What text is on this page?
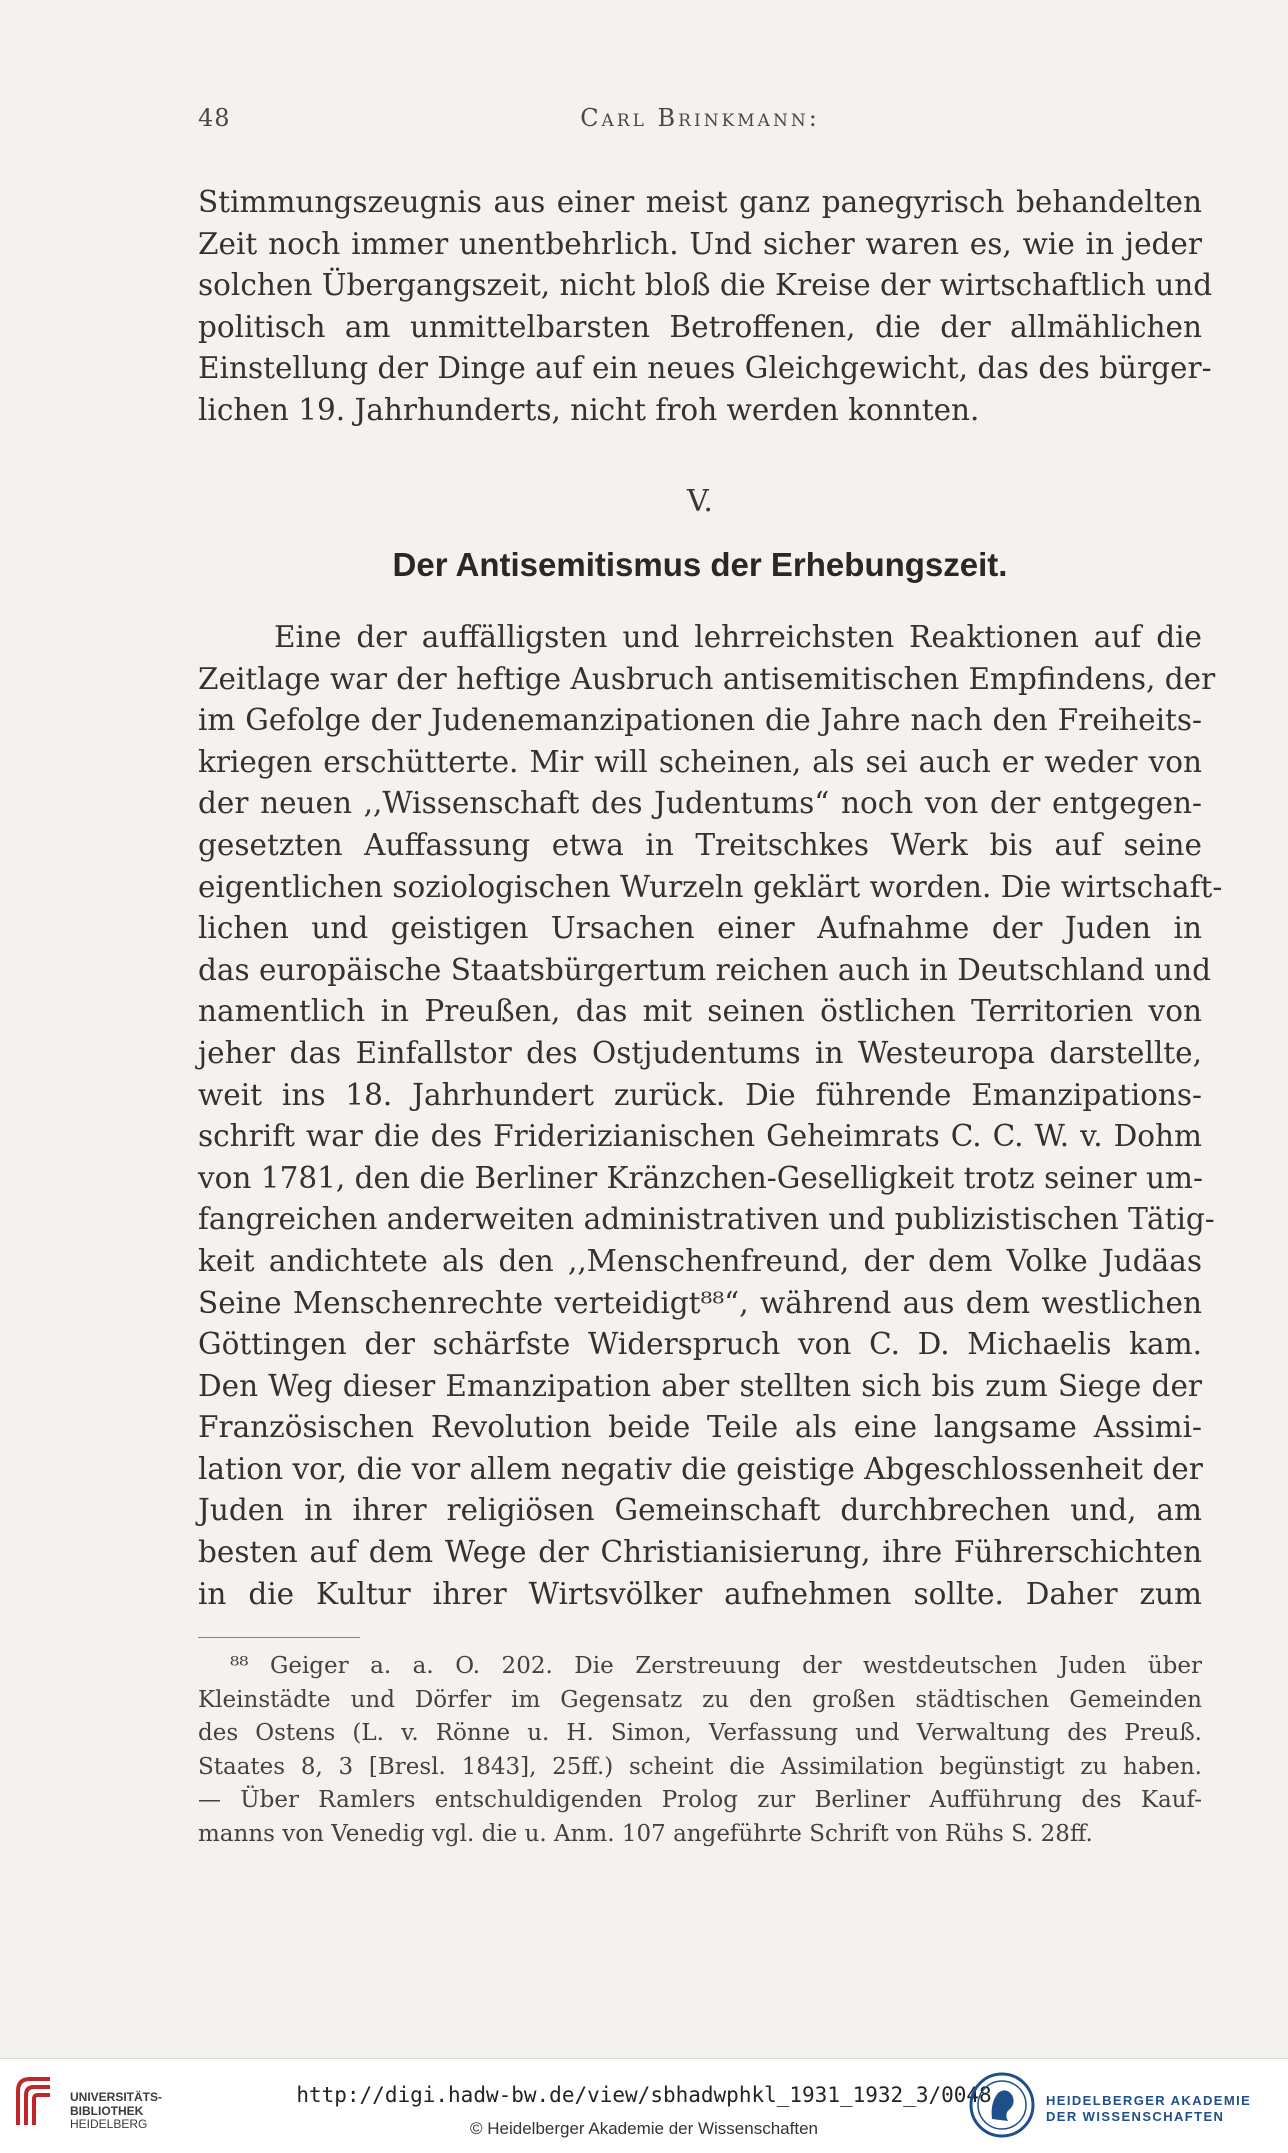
48	Carl Brinkmann:
Stimmungszeugnis aus einer meist ganz panegyrisch behandelten
Zeit noch immer unentbehrlich. Und sicher waren es, wie in jeder
solchen Übergangszeit, nicht bloß die Kreise der wirtschaftlich und
politisch am unmittelbarsten Betroffenen, die der allmählichen
Einstellung der Dinge auf ein neues Gleichgewicht, das des bürger-
lichen 19. Jahrhunderts, nicht froh werden konnten.
V.
Der Antisemitismus der Erhebungszeit.
Eine der auffälligsten und lehrreichsten Reaktionen auf die
Zeitlage war der heftige Ausbruch antisemitischen Empfindens, der
im Gefolge der Judenemanzipationen die Jahre nach den Freiheits-
kriegen erschütterte. Mir will scheinen, als sei auch er weder von
der neuen ,,Wissenschaft des Judentums“ noch von der entgegen-
gesetzten Auffassung etwa in Treitschkes Werk bis auf seine
eigentlichen soziologischen Wurzeln geklärt worden. Die wirtschaft-
lichen und geistigen Ursachen einer Aufnahme der Juden in
das europäische Staatsbürgertum reichen auch in Deutschland und
namentlich in Preußen, das mit seinen östlichen Territorien von
jeher das Einfallstor des Ostjudentums in Westeuropa darstellte,
weit ins 18. Jahrhundert zurück. Die führende Emanzipations-
schrift war die des Friderizianischen Geheimrats C. C. W. v. Dohm
von 1781, den die Berliner Kränzchen-Geselligkeit trotz seiner um-
fangreichen anderweiten administrativen und publizistischen Tätig-
keit andichtete als den ,,Menschenfreund, der dem Volke Judäas
Seine Menschenrechte verteidigt⁸⁸“, während aus dem westlichen
Göttingen der schärfste Widerspruch von C. D. Michaelis kam.
Den Weg dieser Emanzipation aber stellten sich bis zum Siege der
Französischen Revolution beide Teile als eine langsame Assimi-
lation vor, die vor allem negativ die geistige Abgeschlossenheit der
Juden in ihrer religiösen Gemeinschaft durchbrechen und, am
besten auf dem Wege der Christianisierung, ihre Führerschichten
in die Kultur ihrer Wirtsvölker aufnehmen sollte. Daher zum
⁸⁸ Geiger a. a. O. 202. Die Zerstreuung der westdeutschen Juden über
Kleinstädte und Dörfer im Gegensatz zu den großen städtischen Gemeinden
des Ostens (L. v. Rönne u. H. Simon, Verfassung und Verwaltung des Preuß.
Staates 8, 3 [Bresl. 1843], 25ff.) scheint die Assimilation begünstigt zu haben.
— Über Ramlers entschuldigenden Prolog zur Berliner Aufführung des Kauf-
manns von Venedig vgl. die u. Anm. 107 angeführte Schrift von Rühs S. 28ff.
UNIVERSITÄTS-
BIBLIOTHEK
HEIDELBERG
http://digi.hadw-bw.de/view/sbhadwphkl_1931_1932_3/0048
© Heidelberger Akademie der Wissenschaften
HEIDELBERGER AKADEMIE
DER WISSENSCHAFTEN
